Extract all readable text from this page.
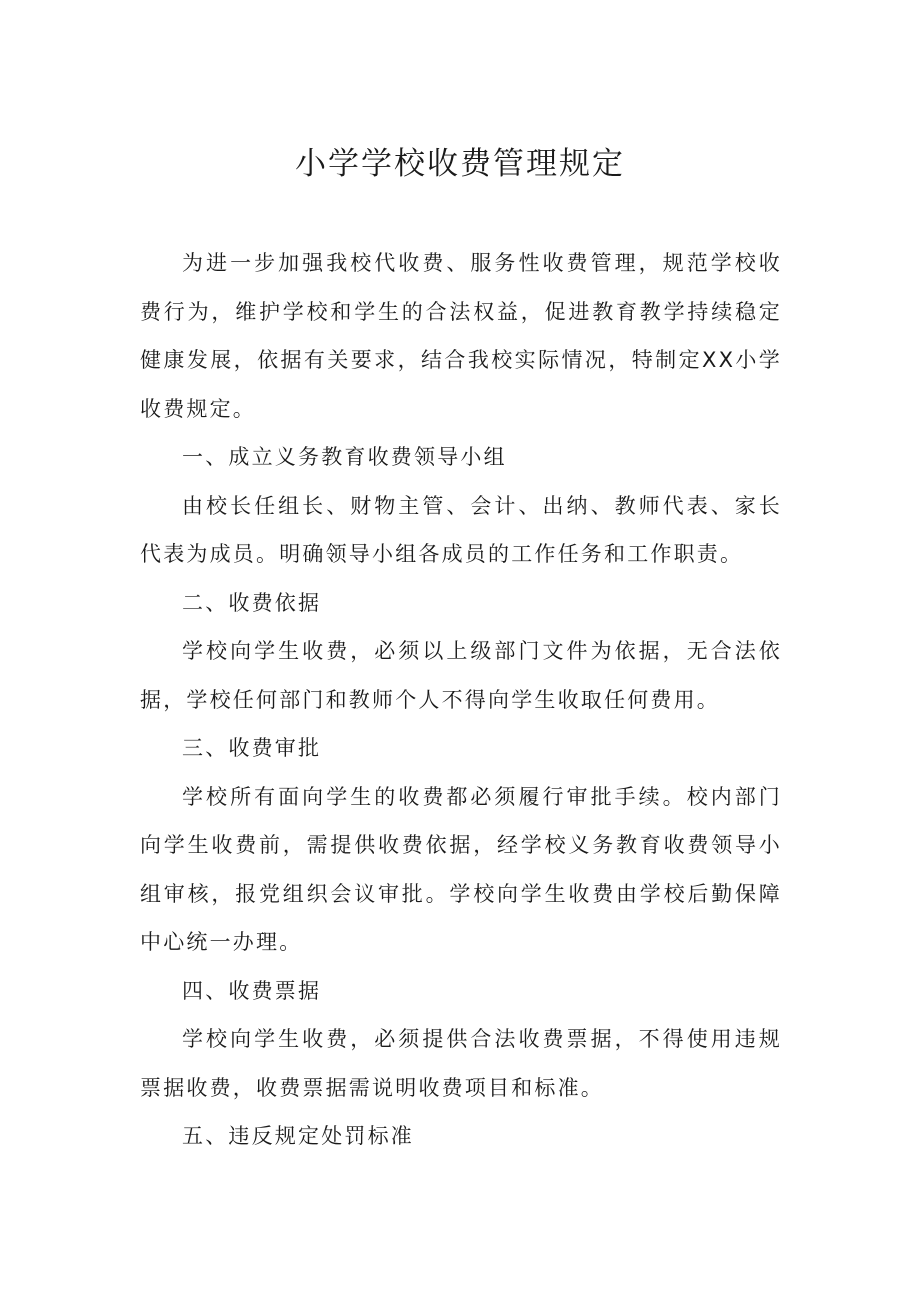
小学学校收费管理规定

为进一步加强我校代收费、服务性收费管理，规范学校收费行为，维护学校和学生的合法权益，促进教育教学持续稳定健康发展，依据有关要求，结合我校实际情况，特制定XX小学收费规定。

一、成立义务教育收费领导小组

由校长任组长、财物主管、会计、出纳、教师代表、家长代表为成员。明确领导小组各成员的工作任务和工作职责。

二、收费依据

学校向学生收费，必须以上级部门文件为依据，无合法依据，学校任何部门和教师个人不得向学生收取任何费用。

三、收费审批

学校所有面向学生的收费都必须履行审批手续。校内部门向学生收费前，需提供收费依据，经学校义务教育收费领导小组审核，报党组织会议审批。学校向学生收费由学校后勤保障中心统一办理。

四、收费票据

学校向学生收费，必须提供合法收费票据，不得使用违规票据收费，收费票据需说明收费项目和标准。

五、违反规定处罚标准
